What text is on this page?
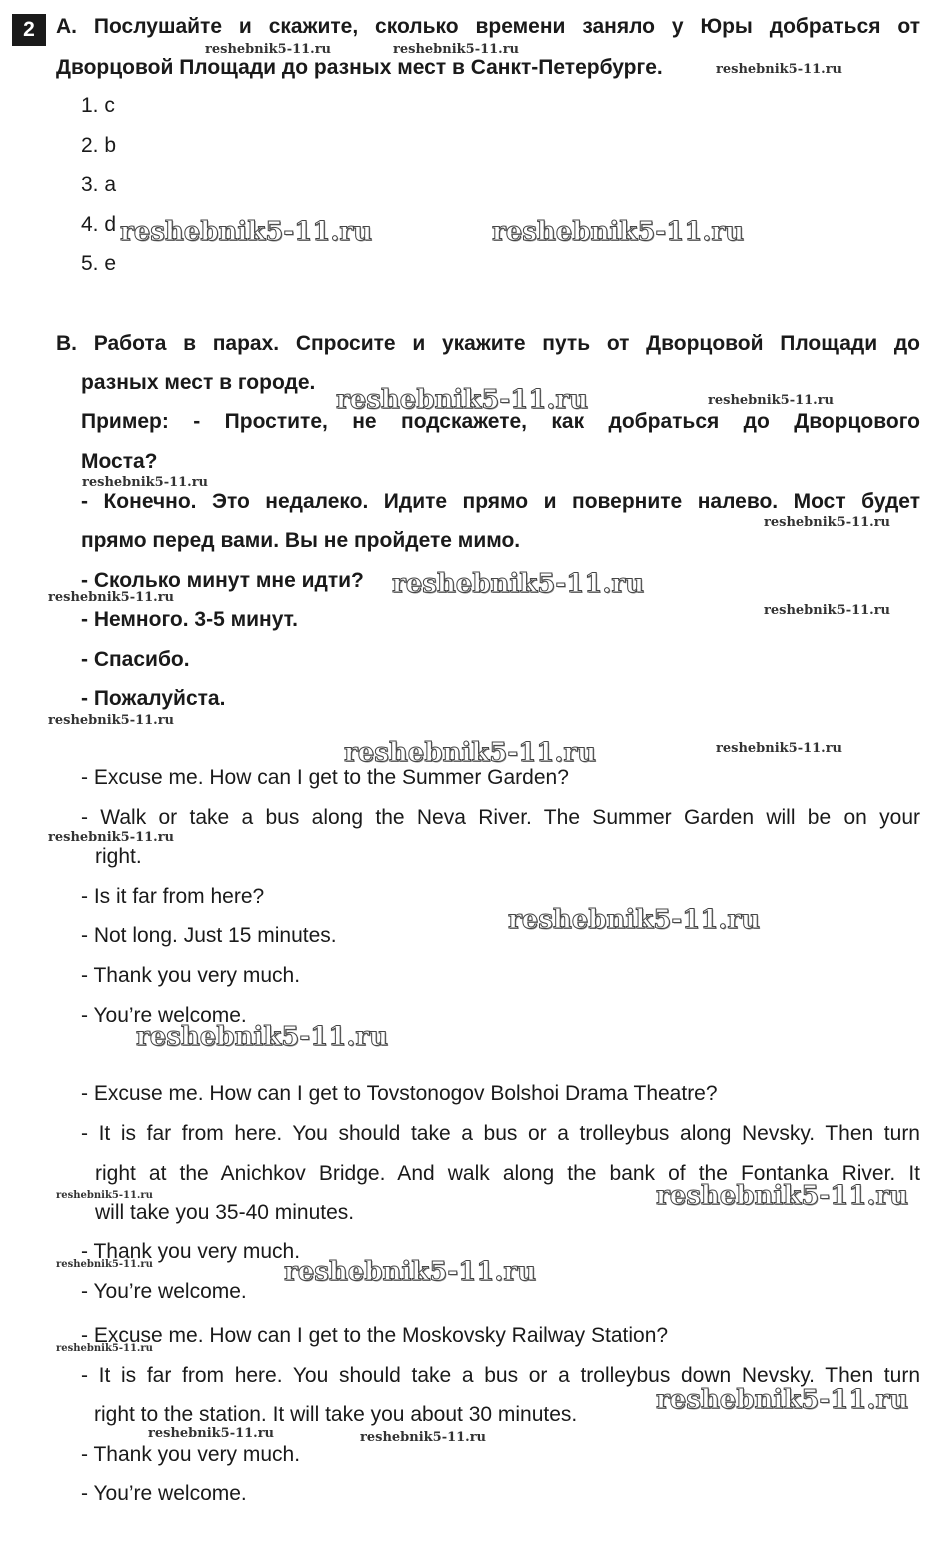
2	А. Послушайте и скажите, сколько времени заняло у Юры добраться от
Дворцовой Площади до разных мест в Санкт-Петербурге.
1. c
2. b
3. a
4. d
5. e
В. Работа в парах. Спросите и укажите путь от Дворцовой Площади до
разных мест в городе.
Пример: - Простите, не подскажете, как добраться до Дворцового
Моста?
- Конечно. Это недалеко. Идите прямо и поверните налево. Мост будет
прямо перед вами. Вы не пройдете мимо.
- Сколько минут мне идти?
- Немного. 3-5 минут.
- Спасибо.
- Пожалуйста.
- Excuse me. How can I get to the Summer Garden?
- Walk or take a bus along the Neva River. The Summer Garden will be on your
right.
- Is it far from here?
- Not long. Just 15 minutes.
- Thank you very much.
- You’re welcome.
- Excuse me. How can I get to Tovstonogov Bolshoi Drama Theatre?
- It is far from here. You should take a bus or a trolleybus along Nevsky. Then turn
right at the Anichkov Bridge. And walk along the bank of the Fontanka River. It
will take you 35-40 minutes.
- Thank you very much.
- You’re welcome.
- Excuse me. How can I get to the Moskovsky Railway Station?
- It is far from here. You should take a bus or a trolleybus down Nevsky. Then turn
right to the station. It will take you about 30 minutes.
- Thank you very much.
- You’re welcome.
reshebnik5-11.ru	reshebnik5-11.ru
reshebnik5-11.ru
reshebnik5-11.ru	reshebnik5-11.ru
reshebnik5-11.ru	reshebnik5-11.ru
reshebnik5-11.ru
reshebnik5-11.ru
reshebnik5-11.ru
reshebnik5-11.ru
reshebnik5-11.ru
reshebnik5-11.ru
reshebnik5-11.ru	reshebnik5-11.ru
reshebnik5-11.ru
reshebnik5-11.ru
reshebnik5-11.ru
reshebnik5-11.ru	reshebnik5-11.ru
reshebnik5-11.ru	reshebnik5-11.ru
reshebnik5-11.ru
reshebnik5-11.ru
reshebnik5-11.ru	reshebnik5-11.ru
